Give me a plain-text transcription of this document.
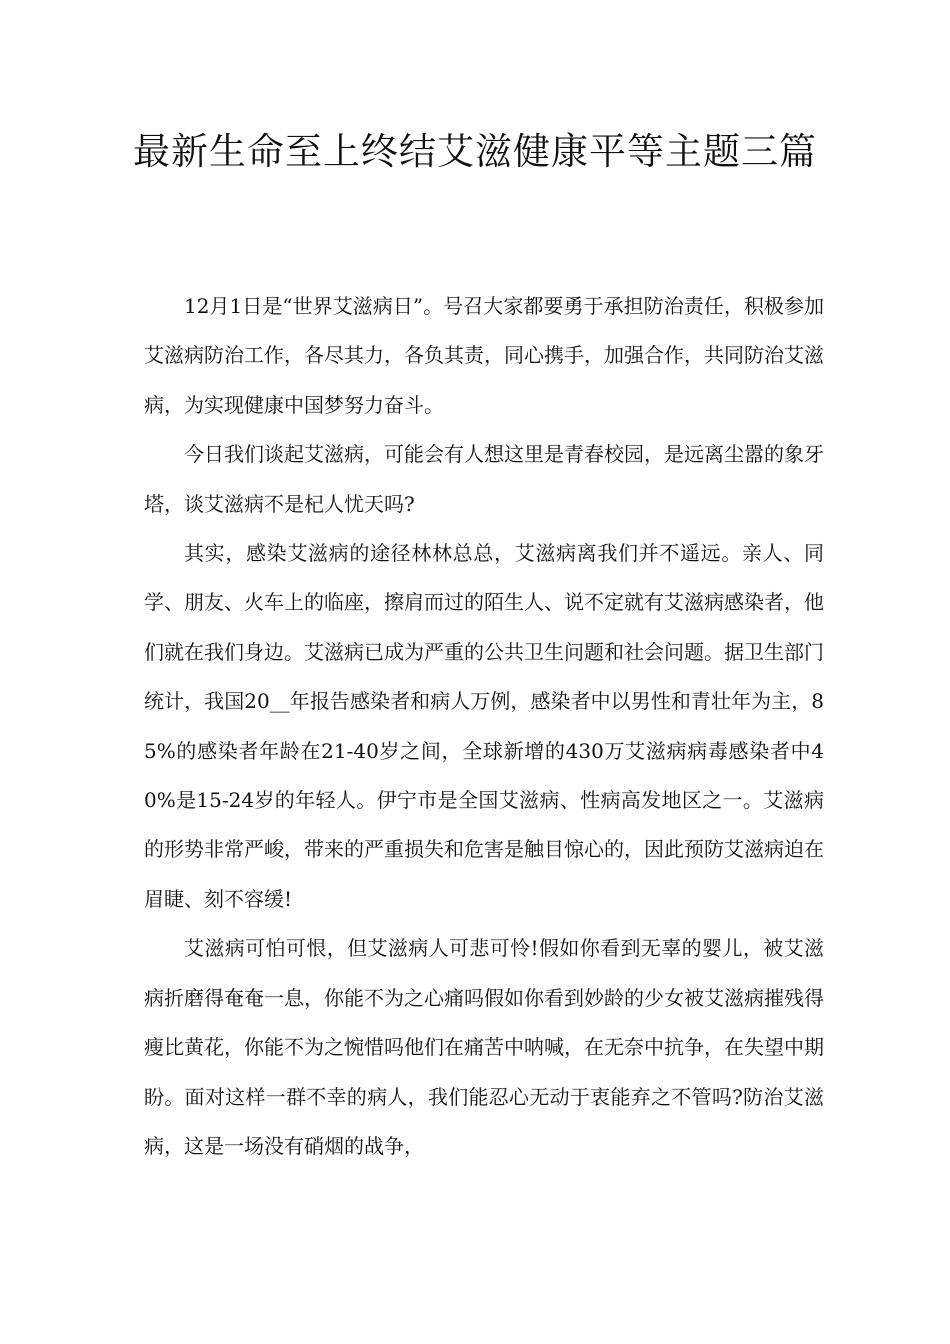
最新生命至上终结艾滋健康平等主题三篇

12月1日是“世界艾滋病日”。号召大家都要勇于承担防治责任，积极参加艾滋病防治工作，各尽其力，各负其责，同心携手，加强合作，共同防治艾滋病，为实现健康中国梦努力奋斗。

今日我们谈起艾滋病，可能会有人想这里是青春校园，是远离尘嚣的象牙塔，谈艾滋病不是杞人忧天吗?

其实，感染艾滋病的途径林林总总，艾滋病离我们并不遥远。亲人、同学、朋友、火车上的临座，擦肩而过的陌生人、说不定就有艾滋病感染者，他们就在我们身边。艾滋病已成为严重的公共卫生问题和社会问题。据卫生部门统计，我国20__年报告感染者和病人万例，感染者中以男性和青壮年为主，85%的感染者年龄在21-40岁之间，全球新增的430万艾滋病病毒感染者中40%是15-24岁的年轻人。伊宁市是全国艾滋病、性病高发地区之一。艾滋病的形势非常严峻，带来的严重损失和危害是触目惊心的，因此预防艾滋病迫在眉睫、刻不容缓!

艾滋病可怕可恨，但艾滋病人可悲可怜!假如你看到无辜的婴儿，被艾滋病折磨得奄奄一息，你能不为之心痛吗假如你看到妙龄的少女被艾滋病摧残得瘦比黄花，你能不为之惋惜吗他们在痛苦中呐喊，在无奈中抗争，在失望中期盼。面对这样一群不幸的病人，我们能忍心无动于衷能弃之不管吗?防治艾滋病，这是一场没有硝烟的战争，
